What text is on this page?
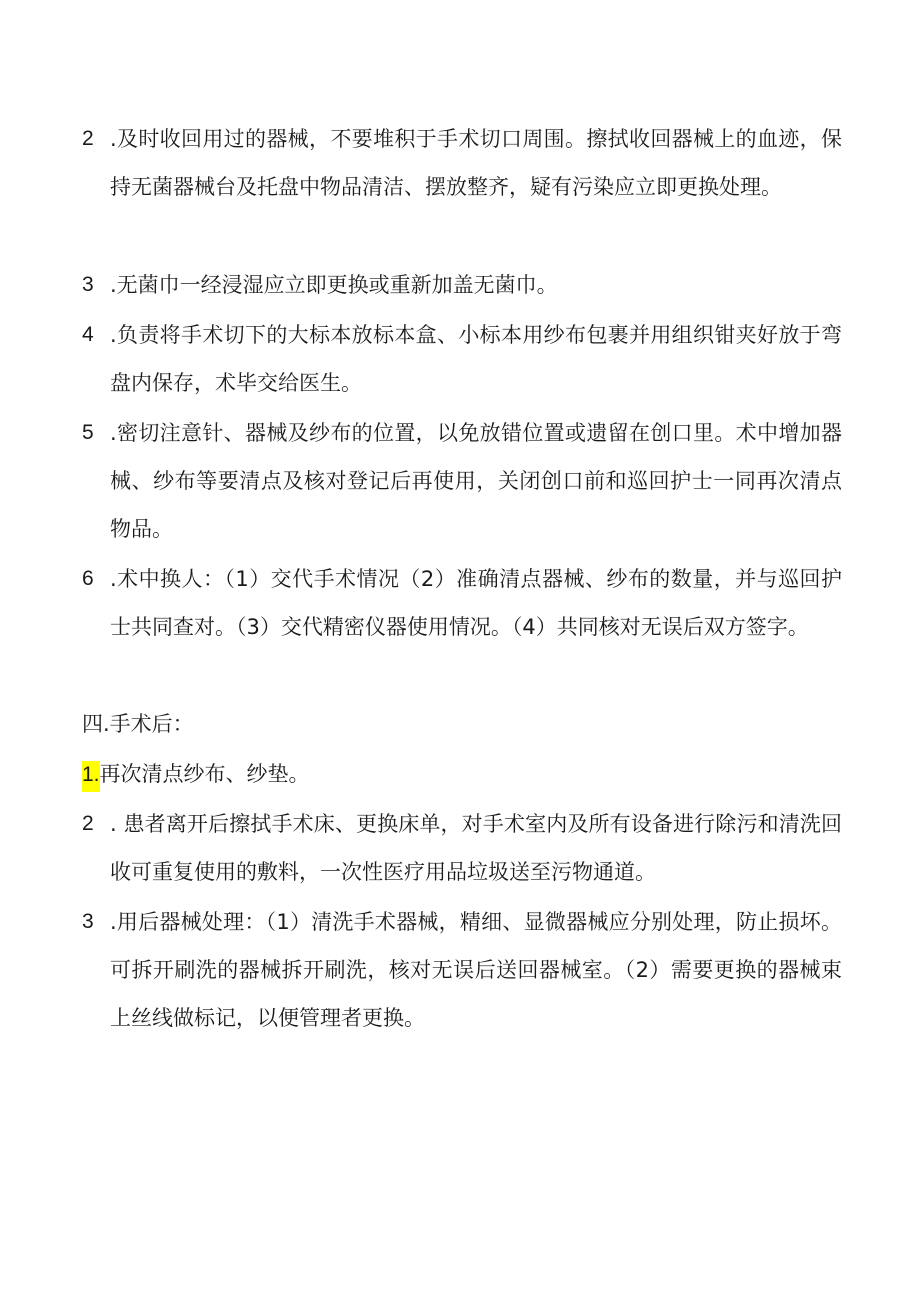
2 .及时收回用过的器械，不要堆积于手术切口周围。擦拭收回器械上的血迹，保持无菌器械台及托盘中物品清洁、摆放整齐，疑有污染应立即更换处理。
3 .无菌巾一经浸湿应立即更换或重新加盖无菌巾。
4 .负责将手术切下的大标本放标本盒、小标本用纱布包裹并用组织钳夹好放于弯盘内保存，术毕交给医生。
5 .密切注意针、器械及纱布的位置，以免放错位置或遗留在创口里。术中增加器械、纱布等要清点及核对登记后再使用，关闭创口前和巡回护士一同再次清点物品。
6 .术中换人：（1）交代手术情况（2）准确清点器械、纱布的数量，并与巡回护士共同查对。（3）交代精密仪器使用情况。（4）共同核对无误后双方签字。
四.手术后：
1.再次清点纱布、纱垫。
2 . 患者离开后擦拭手术床、更换床单，对手术室内及所有设备进行除污和清洗回收可重复使用的敷料，一次性医疗用品垃圾送至污物通道。
3 .用后器械处理：（1）清洗手术器械，精细、显微器械应分别处理，防止损坏。可拆开刷洗的器械拆开刷洗，核对无误后送回器械室。（2）需要更换的器械束上丝线做标记，以便管理者更换。
